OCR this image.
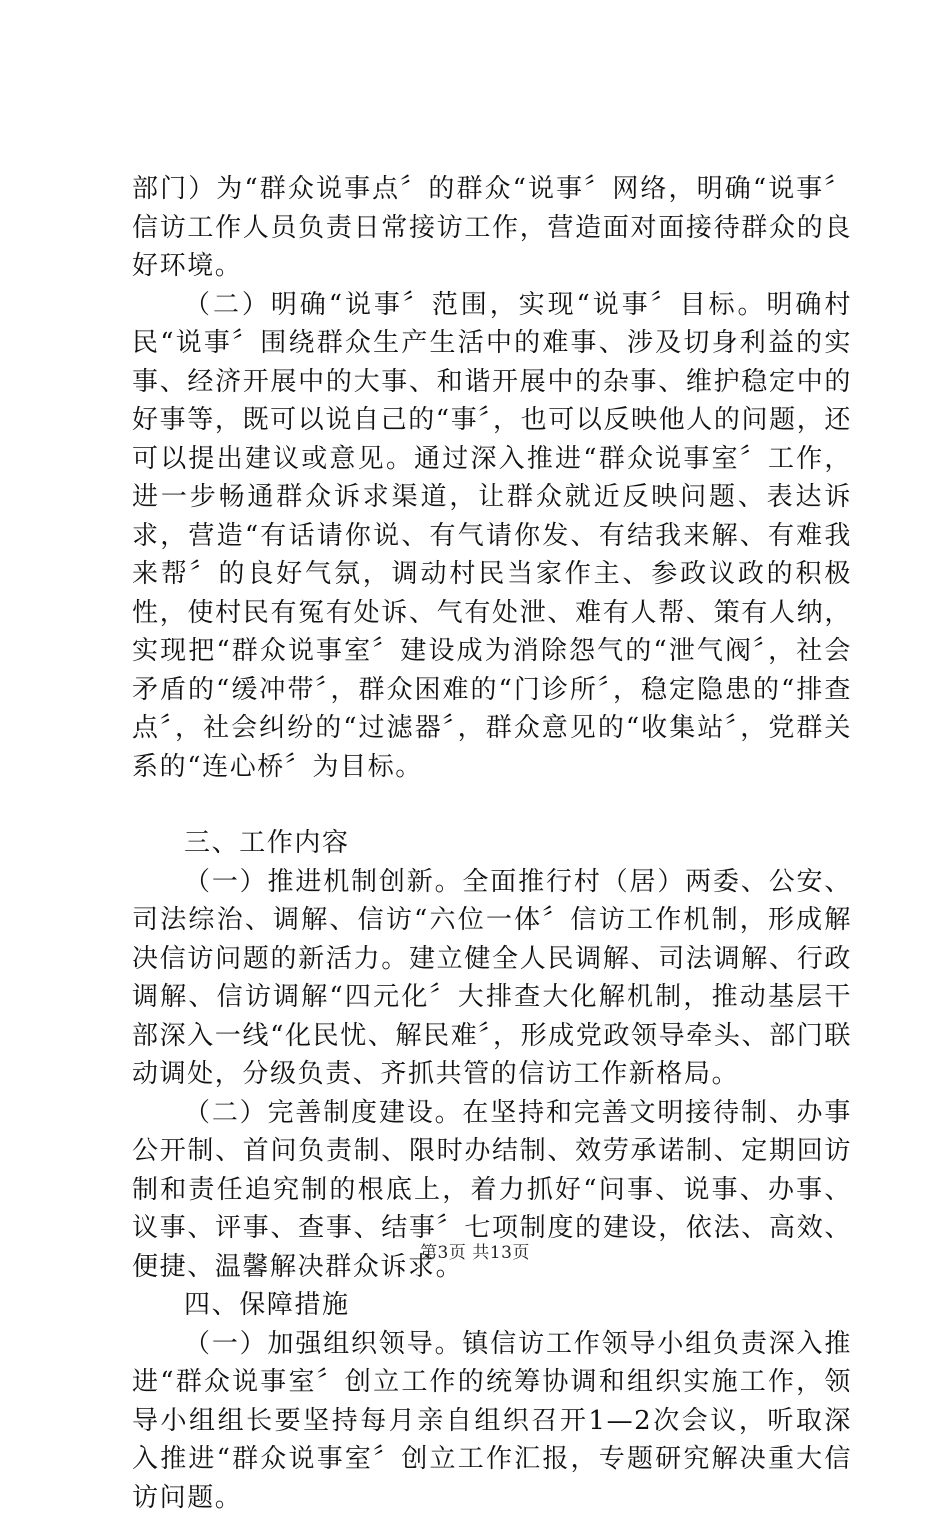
部门）为“群众说事点〞的群众“说事〞网络，明确“说事〞信访工作人员负责日常接访工作，营造面对面接待群众的良好环境。

（二）明确“说事〞范围，实现“说事〞目标。明确村民“说事〞围绕群众生产生活中的难事、涉及切身利益的实事、经济开展中的大事、和谐开展中的杂事、维护稳定中的好事等，既可以说自己的“事〞，也可以反映他人的问题，还可以提出建议或意见。通过深入推进“群众说事室〞工作，进一步畅通群众诉求渠道，让群众就近反映问题、表达诉求，营造“有话请你说、有气请你发、有结我来解、有难我来帮〞的良好气氛，调动村民当家作主、参政议政的积极性，使村民有冤有处诉、气有处泄、难有人帮、策有人纳，实现把“群众说事室〞建设成为消除怨气的“泄气阀〞，社会矛盾的“缓冲带〞，群众困难的“门诊所〞，稳定隐患的“排查点〞，社会纠纷的“过滤器〞，群众意见的“收集站〞，党群关系的“连心桥〞为目标。

三、工作内容

（一）推进机制创新。全面推行村（居）两委、公安、司法综治、调解、信访“六位一体〞信访工作机制，形成解决信访问题的新活力。建立健全人民调解、司法调解、行政调解、信访调解“四元化〞大排查大化解机制，推动基层干部深入一线“化民忧、解民难〞，形成党政领导牵头、部门联动调处，分级负责、齐抓共管的信访工作新格局。

（二）完善制度建设。在坚持和完善文明接待制、办事公开制、首问负责制、限时办结制、效劳承诺制、定期回访制和责任追究制的根底上，着力抓好“问事、说事、办事、议事、评事、查事、结事〞七项制度的建设，依法、高效、便捷、温馨解决群众诉求。

四、保障措施

（一）加强组织领导。镇信访工作领导小组负责深入推进“群众说事室〞创立工作的统筹协调和组织实施工作，领导小组组长要坚持每月亲自组织召开1—2次会议，听取深入推进“群众说事室〞创立工作汇报，专题研究解决重大信访问题。

第3页 共13页
